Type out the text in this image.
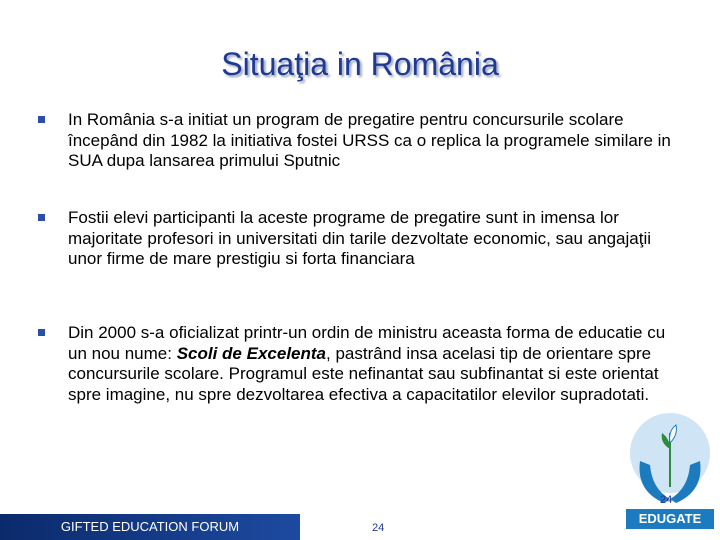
Situaţia in România
In România s-a initiat un program de pregatire pentru concursurile scolare începând din 1982 la initiativa fostei URSS ca o replica la programele similare in SUA dupa lansarea primului Sputnic
Fostii elevi participanti la aceste programe de pregatire sunt in imensa lor majoritate profesori in universitati din tarile dezvoltate economic, sau angajaţii unor firme de mare prestigiu si forta financiara
Din 2000 s-a oficializat printr-un ordin de ministru aceasta forma de educatie cu un nou nume: Scoli de Excelenta, pastrând insa acelasi tip de orientare spre concursurile scolare. Programul este nefinantat sau subfinantat si este orientat spre imagine, nu spre dezvoltarea efectiva a capacitatilor elevilor supradotati.
GIFTED EDUCATION FORUM	24
24
EDUGATE
